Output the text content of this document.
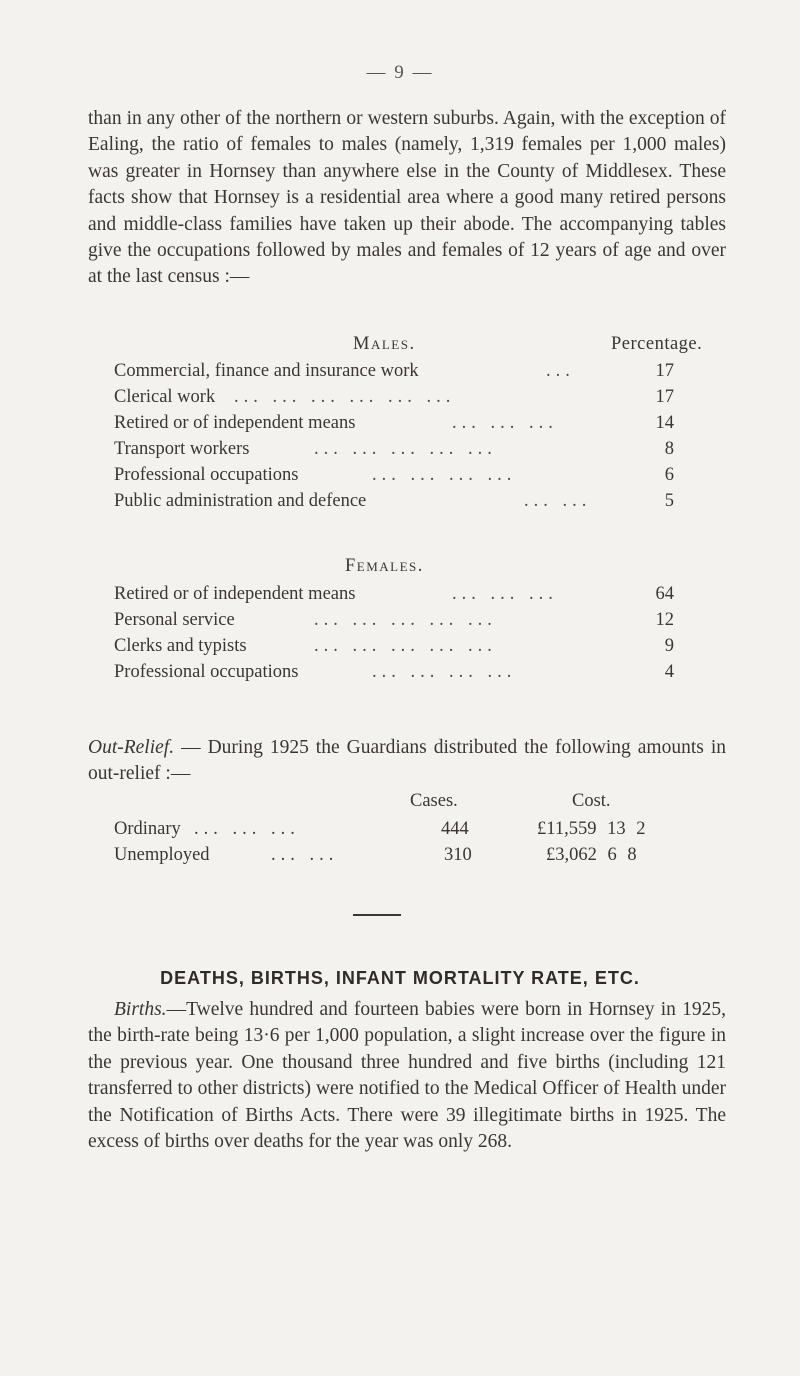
— 9 —

than in any other of the northern or western suburbs. Again, with the exception of Ealing, the ratio of females to males (namely, 1,319 females per 1,000 males) was greater in Hornsey than anywhere else in the County of Middlesex. These facts show that Hornsey is a residential area where a good many retired persons and middle-class families have taken up their abode. The accompanying tables give the occupations followed by males and females of 12 years of age and over at the last census :—

Males.	Percentage.
Commercial, finance and insurance work	...	17
Clerical work ... ... ... ... ... ...	17
Retired or of independent means	... ... ...	14
Transport workers	... ... ... ... ...	8
Professional occupations	... ... ... ...	6
Public administration and defence	... ...	5
Females.
Retired or of independent means	... ... ...	64
Personal service	... ... ... ... ...	12
Clerks and typists	... ... ... ... ...	9
Professional occupations	... ... ... ...	4

Out-Relief. — During 1925 the Guardians distributed the following amounts in out-relief :—

Cases.	Cost.
Ordinary ... ... ...	444	£11,559 13 2
Unemployed	... ...	310	£3,062 6 8
DEATHS, BIRTHS, INFANT MORTALITY RATE, ETC.

Births.—Twelve hundred and fourteen babies were born in Hornsey in 1925, the birth-rate being 13·6 per 1,000 population, a slight increase over the figure in the previous year. One thousand three hundred and five births (including 121 transferred to other districts) were notified to the Medical Officer of Health under the Notification of Births Acts. There were 39 illegitimate births in 1925. The excess of births over deaths for the year was only 268.
